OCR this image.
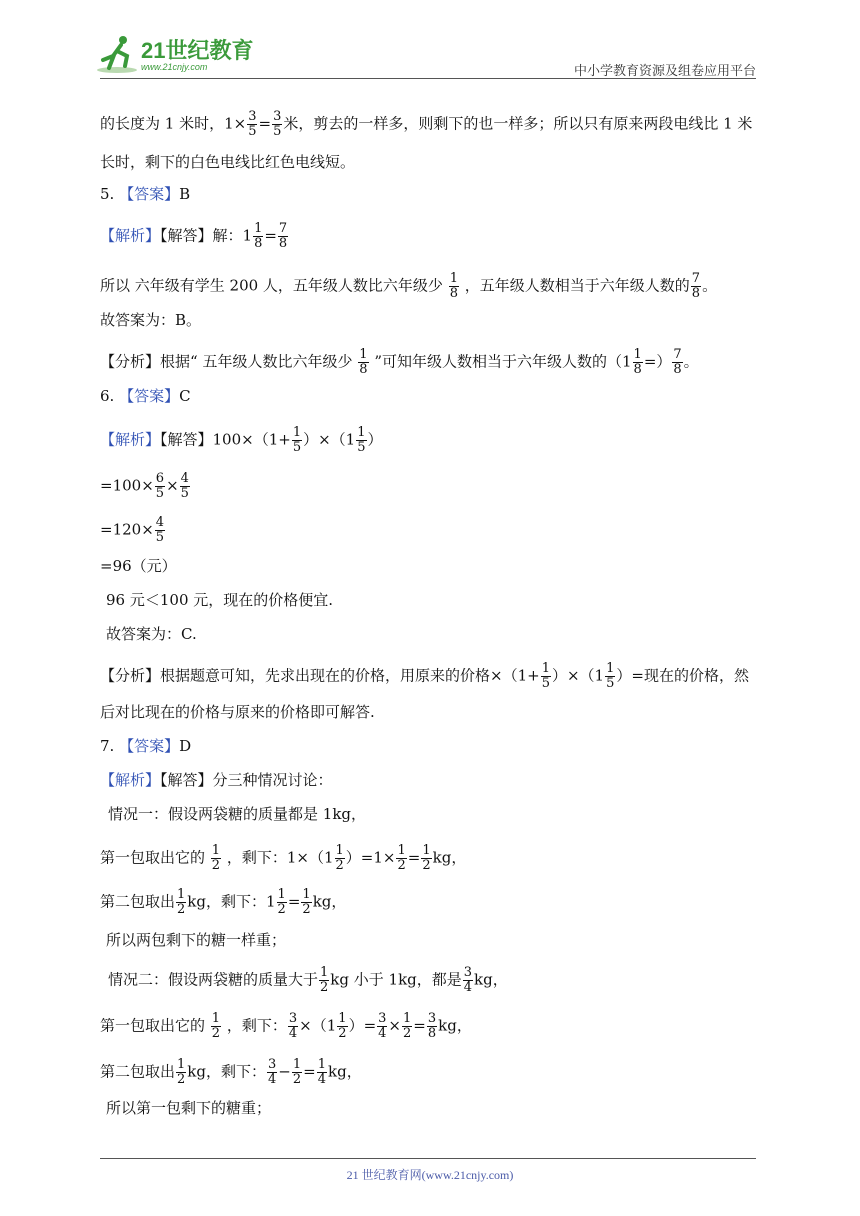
21世纪教育
www.21cnjy.com	中小学教育资源及组卷应用平台
的长度为 1 米时，$1\times \frac{3}{5} = \frac{3}{5}$ 米，剪去的一样多，则剩下的也一样多；所以只有原来两段电线比 1 米
长时，剩下的白色电线比红色电线短。
5. 【答案】B
【解析】【解答】解：$1 \frac{1}{8} = \frac{7}{8}$
所以 六年级有学生 200 人，五年级人数比六年级少 $\frac{1}{8}$ ，五年级人数相当于六年级人数的 $\frac{7}{8}$ 。
故答案为：B。
【分析】根据“ 五年级人数比六年级少 $\frac{1}{8}$ ”可知年级人数相当于六年级人数的（$1 \frac{1}{8}$ =） $\frac{7}{8}$ 。
6. 【答案】C
【解析】【解答】$100\times(1+ \frac{1}{5} )\times(1 \frac{1}{5}$ ）
$=100\times \frac{6}{5} \times \frac{4}{5}$
$=120\times \frac{4}{5}$
=96（元）
96 元＜100 元，现在的价格便宜.
故答案为：C.
【分析】根据题意可知，先求出现在的价格，用原来的价格$\times(1+ \frac{1}{5} )\times(1 \frac{1}{5}$ ）=现在的价格，然
后对比现在的价格与原来的价格即可解答.
7. 【答案】D
【解析】【解答】分三种情况讨论：
情况一：假设两袋糖的质量都是 1kg，
第一包取出它的 $\frac{1}{2}$ ，剩下：$1\times(1 \frac{1}{2} )=1\times \frac{1}{2} = \frac{1}{2}$ kg，
第二包取出 $\frac{1}{2}$ kg，剩下：$1 \frac{1}{2} = \frac{1}{2}$ kg，
所以两包剩下的糖一样重；
情况二：假设两袋糖的质量大于 $\frac{1}{2}$ kg 小于 1kg，都是 $\frac{3}{4}$ kg，
第一包取出它的 $\frac{1}{2}$ ，剩下： $\frac{3}{4} \times(1 \frac{1}{2}$ ）= $\frac{3}{4} \times \frac{1}{2} = \frac{3}{8}$ kg，
第二包取出 $\frac{1}{2}$ kg，剩下： $\frac{3}{4} - \frac{1}{2} = \frac{1}{4}$ kg，
所以第一包剩下的糖重；
21 世纪教育网(www.21cnjy.com)
